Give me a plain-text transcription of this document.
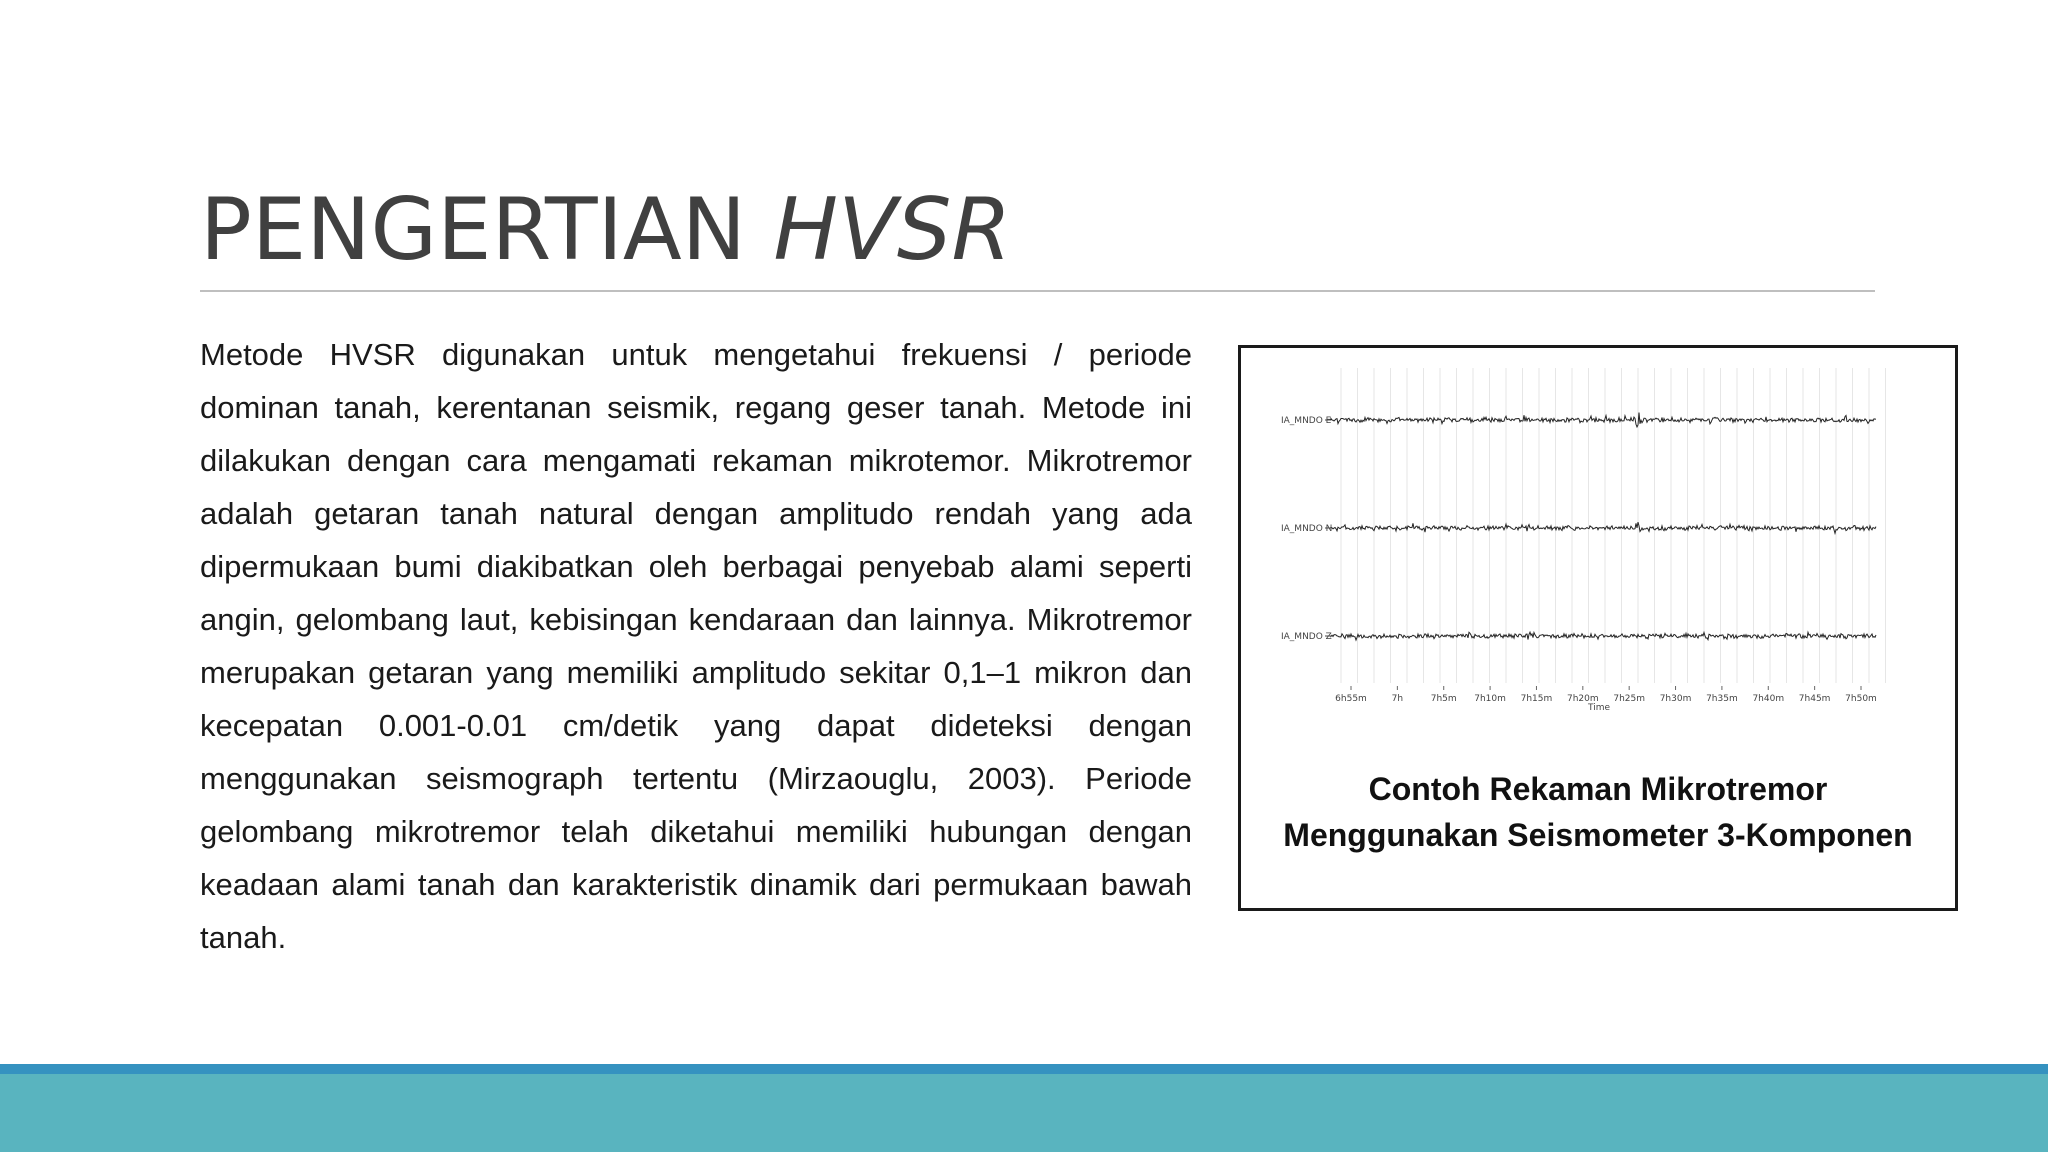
PENGERTIAN HVSR

Metode HVSR digunakan untuk mengetahui frekuensi / periode dominan tanah, kerentanan seismik, regang geser tanah. Metode ini dilakukan dengan cara mengamati rekaman mikrotemor. Mikrotremor adalah getaran tanah natural dengan amplitudo rendah yang ada dipermukaan bumi diakibatkan oleh berbagai penyebab alami seperti angin, gelombang laut, kebisingan kendaraan dan lainnya. Mikrotremor merupakan getaran yang memiliki amplitudo sekitar 0,1–1 mikron dan kecepatan 0.001-0.01 cm/detik yang dapat dideteksi dengan menggunakan seismograph tertentu (Mirzaouglu, 2003). Periode gelombang mikrotremor telah diketahui memiliki hubungan dengan keadaan alami tanah dan karakteristik dinamik dari permukaan bawah tanah.

IA_MNDO E
IA_MNDO N
IA_MNDO Z
6h55m	7h	7h5m 7h10m 7h15m 7h20m 7h25m 7h30m 7h35m 7h40m 7h45m 7h50m
Time
Contoh Rekaman Mikrotremor
Menggunakan Seismometer 3-Komponen
